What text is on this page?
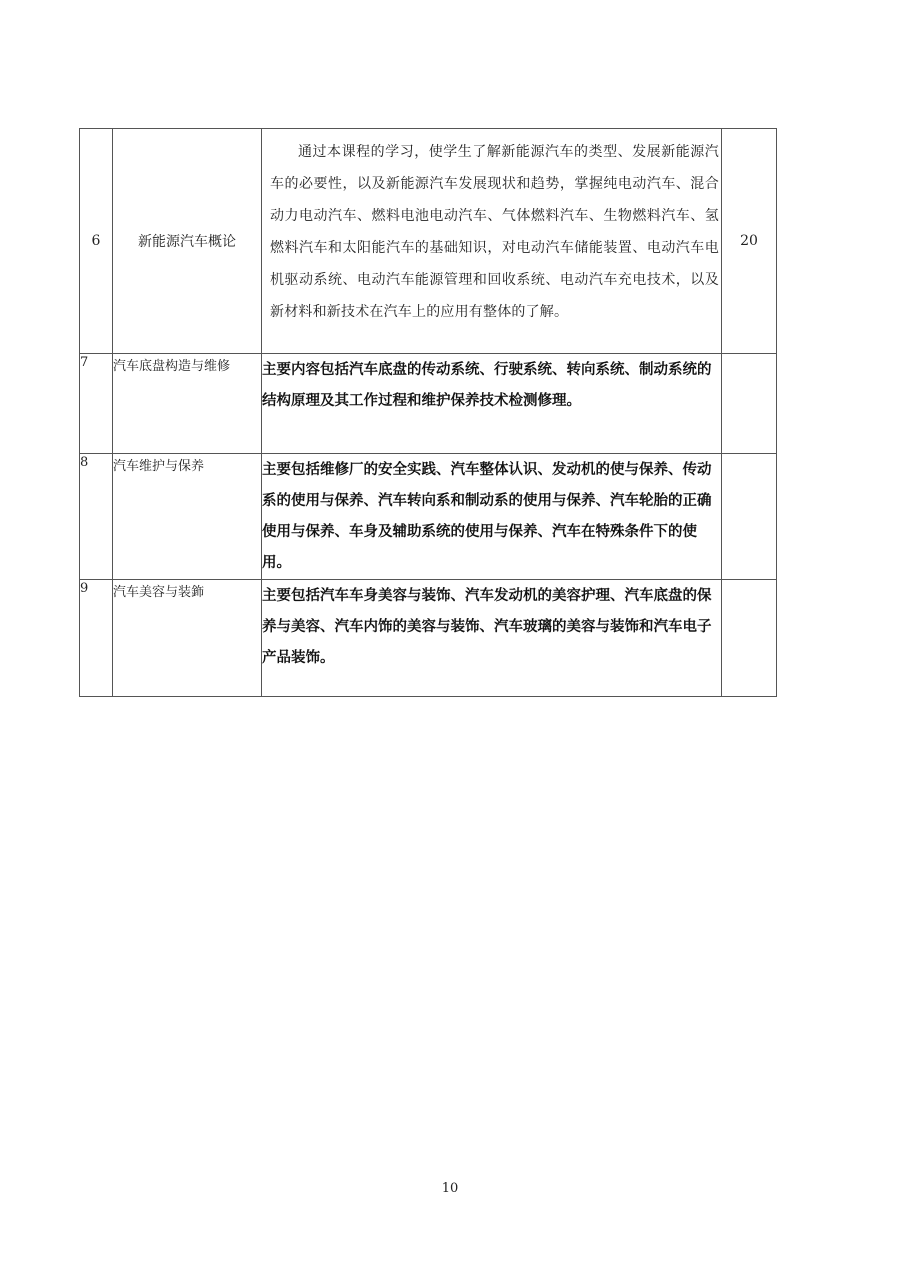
6	新能源汽车概论	通过本课程的学习，使学生了解新能源汽车的类型、发展新能源汽车的必要性，以及新能源汽车发展现状和趋势，掌握纯电动汽车、混合动力电动汽车、燃料电池电动汽车、气体燃料汽车、生物燃料汽车、氢燃料汽车和太阳能汽车的基础知识，对电动汽车储能装置、电动汽车电机驱动系统、电动汽车能源管理和回收系统、电动汽车充电技术，以及新材料和新技术在汽车上的应用有整体的了解。	20
7	汽车底盘构造与维修	主要内容包括汽车底盘的传动系统、行驶系统、转向系统、制动系统的结构原理及其工作过程和维护保养技术检测修理。	

8	汽车维护与保养	主要包括维修厂的安全实践、汽车整体认识、发动机的使与保养、传动系的使用与保养、汽车转向系和制动系的使用与保养、汽车轮胎的正确使用与保养、车身及辅助系统的使用与保养、汽车在特殊条件下的使用。	

9	汽车美容与装鉓	主要包括汽车车身美容与装饰、汽车发动机的美容护理、汽车底盘的保养与美容、汽车内饰的美容与装饰、汽车玻璃的美容与装饰和汽车电子产品装饰。	

10
